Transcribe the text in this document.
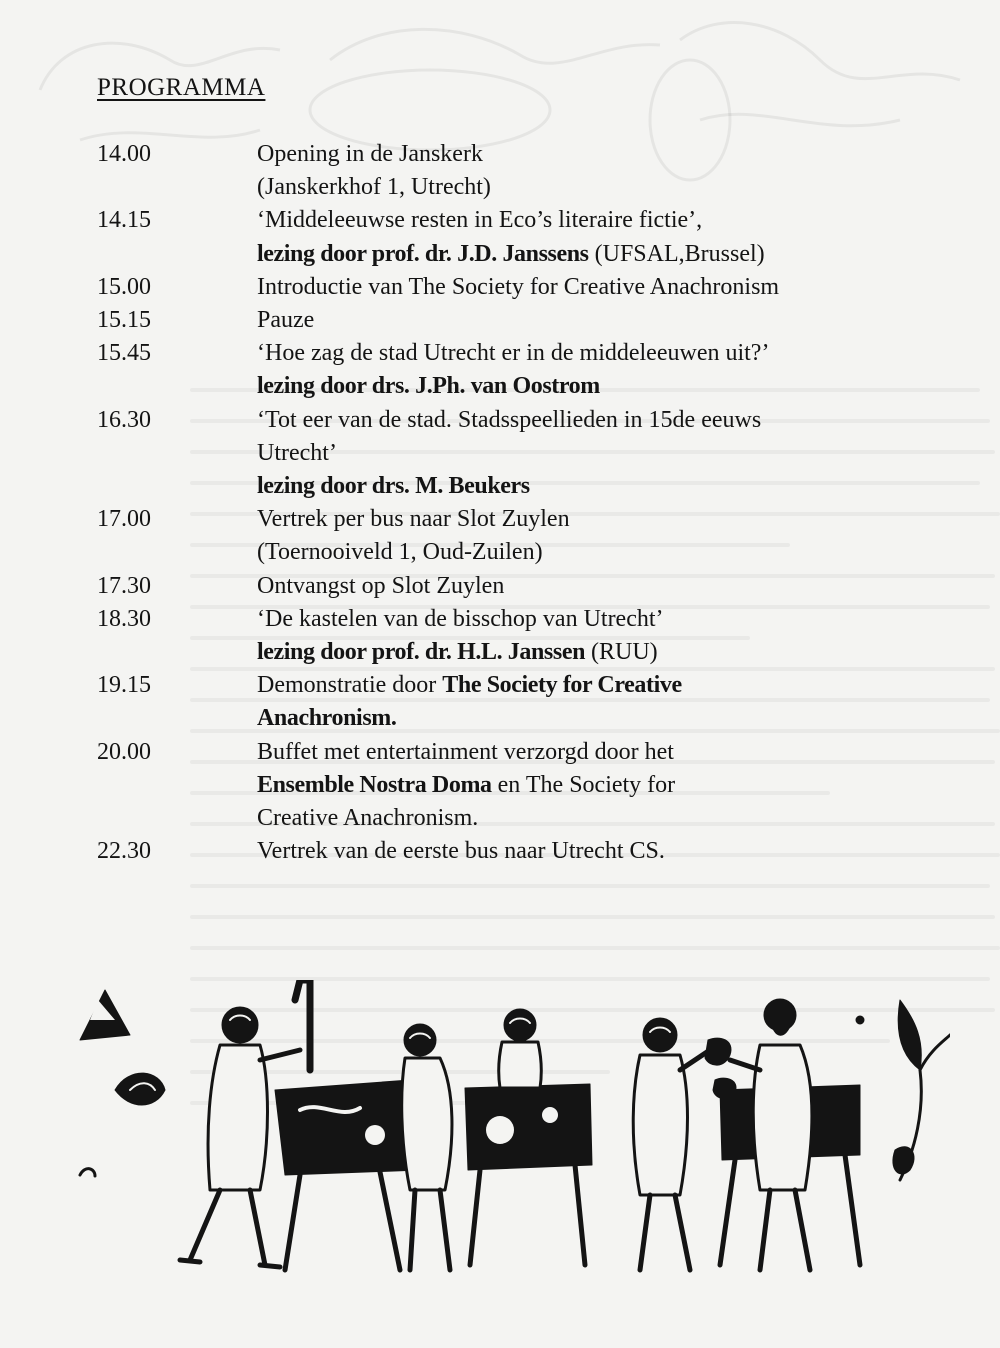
PROGRAMMA
14.00	Opening in de Janskerk
(Janskerkhof 1, Utrecht)
14.15	‘Middeleeuwse resten in Eco’s literaire fictie’,
lezing door prof. dr. J.D. Janssens (UFSAL,Brussel)
15.00	Introductie van The Society for Creative Anachronism
15.15	Pauze
15.45	‘Hoe zag de stad Utrecht er in de middeleeuwen uit?’
lezing door drs. J.Ph. van Oostrom
16.30	‘Tot eer van de stad. Stadsspeellieden in 15de eeuws
Utrecht’
lezing door drs. M. Beukers
17.00	Vertrek per bus naar Slot Zuylen
(Toernooiveld 1, Oud-Zuilen)
17.30	Ontvangst op Slot Zuylen
18.30	‘De kastelen van de bisschop van Utrecht’
lezing door prof. dr. H.L. Janssen (RUU)
19.15	Demonstratie door The Society for Creative
Anachronism.
20.00	Buffet met entertainment verzorgd door het
Ensemble Nostra Doma en The Society for
Creative Anachronism.
22.30	Vertrek van de eerste bus naar Utrecht CS.
